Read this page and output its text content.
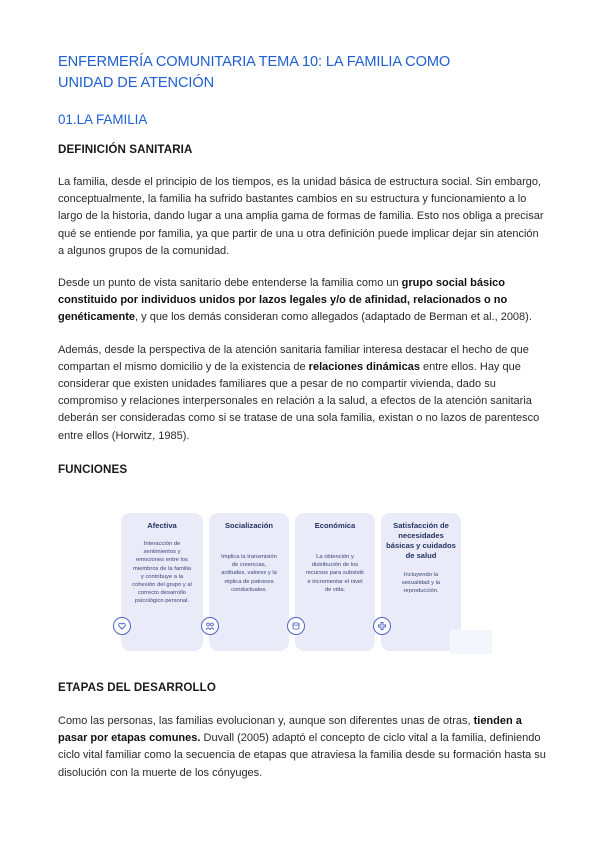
ENFERMERÍA COMUNITARIA TEMA 10: LA FAMILIA COMO
UNIDAD DE ATENCIÓN
01.LA FAMILIA
DEFINICIÓN SANITARIA

La familia, desde el principio de los tiempos, es la unidad básica de estructura social. Sin embargo, conceptualmente, la familia ha sufrido bastantes cambios en su estructura y funcionamiento a lo largo de la historia, dando lugar a una amplia gama de formas de familia. Esto nos obliga a precisar qué se entiende por familia, ya que partir de una u otra definición puede implicar dejar sin atención a algunos grupos de la comunidad.

Desde un punto de vista sanitario debe entenderse la familia como un grupo social básico constituido por individuos unidos por lazos legales y/o de afinidad, relacionados o no genéticamente, y que los demás consideran como allegados (adaptado de Berman et al., 2008).

Además, desde la perspectiva de la atención sanitaria familiar interesa destacar el hecho de que compartan el mismo domicilio y de la existencia de relaciones dinámicas entre ellos. Hay que considerar que existen unidades familiares que a pesar de no compartir vivienda, dado su compromiso y relaciones interpersonales en relación a la salud, a efectos de la atención sanitaria deberán ser consideradas como si se tratase de una sola familia, existan o no lazos de parentesco entre ellos (Horwitz, 1985).

FUNCIONES
Afectiva
Interacción de sentimientos y emociones entre los miembros de la familia y contribuye a la cohesión del grupo y al correcto desarrollo psicológico personal.
Socialización
Implica la transmisión de creencias, actitudes, valores y la réplica de patrones conductuales.
Económica
La obtención y distribución de los recursos para subsistir e incrementar el nivel de vida.
Satisfacción de necesidades básicas y cuidados de salud
Incluyendo la sexualidad y la reproducción.
ETAPAS DEL DESARROLLO

Como las personas, las familias evolucionan y, aunque son diferentes unas de otras, tienden a pasar por etapas comunes. Duvall (2005) adaptó el concepto de ciclo vital a la familia, definiendo ciclo vital familiar como la secuencia de etapas que atraviesa la familia desde su formación hasta su disolución con la muerte de los cónyuges.
